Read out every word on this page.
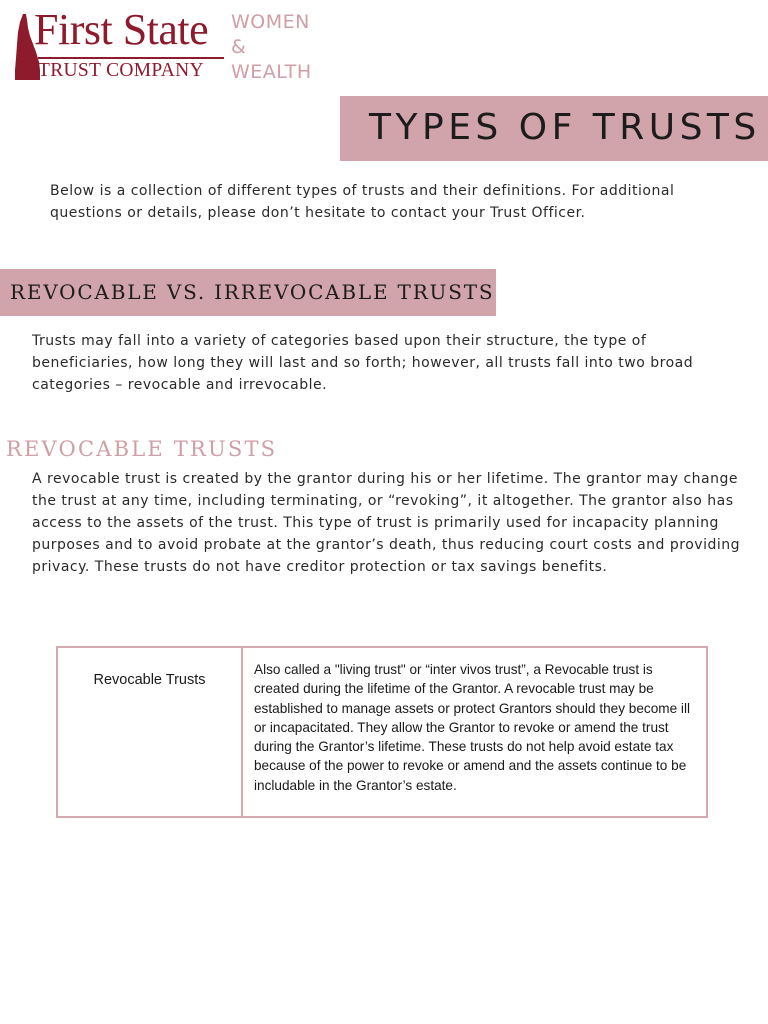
First State
TRUST COMPANY
WOMEN
&
WEALTH
TYPES OF TRUSTS
Below is a collection of different types of trusts and their definitions. For additional questions or details, please don’t hesitate to contact your Trust Officer.
REVOCABLE VS. IRREVOCABLE TRUSTS
Trusts may fall into a variety of categories based upon their structure, the type of beneficiaries, how long they will last and so forth; however, all trusts fall into two broad categories – revocable and irrevocable.
REVOCABLE TRUSTS
A revocable trust is created by the grantor during his or her lifetime. The grantor may change the trust at any time, including terminating, or “revoking”, it altogether. The grantor also has access to the assets of the trust. This type of trust is primarily used for incapacity planning purposes and to avoid probate at the grantor’s death, thus reducing court costs and providing privacy. These trusts do not have creditor protection or tax savings benefits.
Revocable Trusts
Also called a "living trust" or “inter vivos trust”, a Revocable trust is created during the lifetime of the Grantor. A revocable trust may be established to manage assets or protect Grantors should they become ill or incapacitated. They allow the Grantor to revoke or amend the trust during the Grantor’s lifetime. These trusts do not help avoid estate tax because of the power to revoke or amend and the assets continue to be includable in the Grantor’s estate.
